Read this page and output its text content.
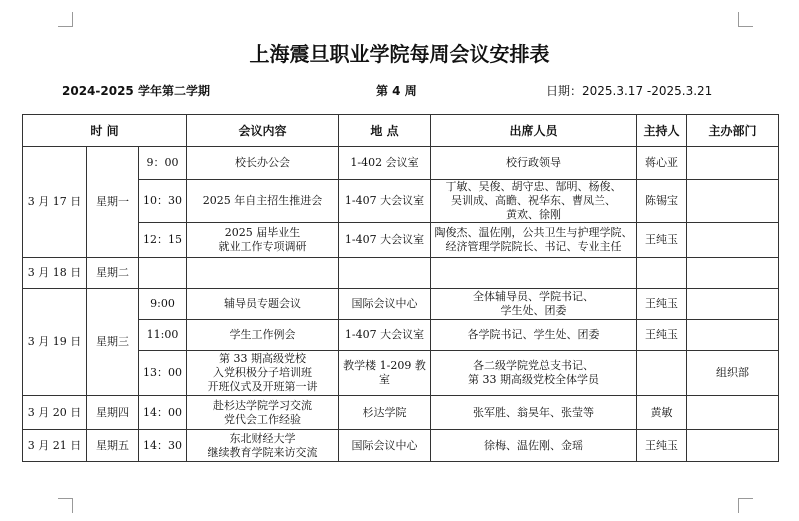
上海震旦职业学院每周会议安排表
2024-2025 学年第二学期	第 4 周	日期：2025.3.17 -2025.3.21
时 间			会议内容	地 点	出席人员	主持人	主办部门
3 月 17 日	星期一	9：00	校长办公会	1-402 会议室	校行政领导	蒋心亚	
		10：30	2025 年自主招生推进会	1-407 大会议室	丁敏、吴俊、胡守忠、郜明、杨俊、
吴训成、高瞻、祝华东、曹凤兰、
黄欢、徐刚	陈锡宝	
		12：15	2025 届毕业生
就业工作专项调研	1-407 大会议室	陶俊杰、温佐刚，公共卫生与护理学院、
经济管理学院院长、书记、专业主任	王纯玉	
3 月 18 日	星期二						
3 月 19 日	星期三	9:00	辅导员专题会议	国际会议中心	全体辅导员、学院书记、
学生处、团委	王纯玉	
		11:00	学生工作例会	1-407 大会议室	各学院书记、学生处、团委	王纯玉	
		13：00	第 33 期高级党校
入党积极分子培训班
开班仪式及开班第一讲	教学楼 1-209 教室	各二级学院党总支书记、
第 33 期高级党校全体学员		组织部
3 月 20 日	星期四	14：00	赴杉达学院学习交流
党代会工作经验	杉达学院	张军胜、翁昊年、张莹等	黄敏	
3 月 21 日	星期五	14：30	东北财经大学
继续教育学院来访交流	国际会议中心	徐梅、温佐刚、金瑶	王纯玉	
